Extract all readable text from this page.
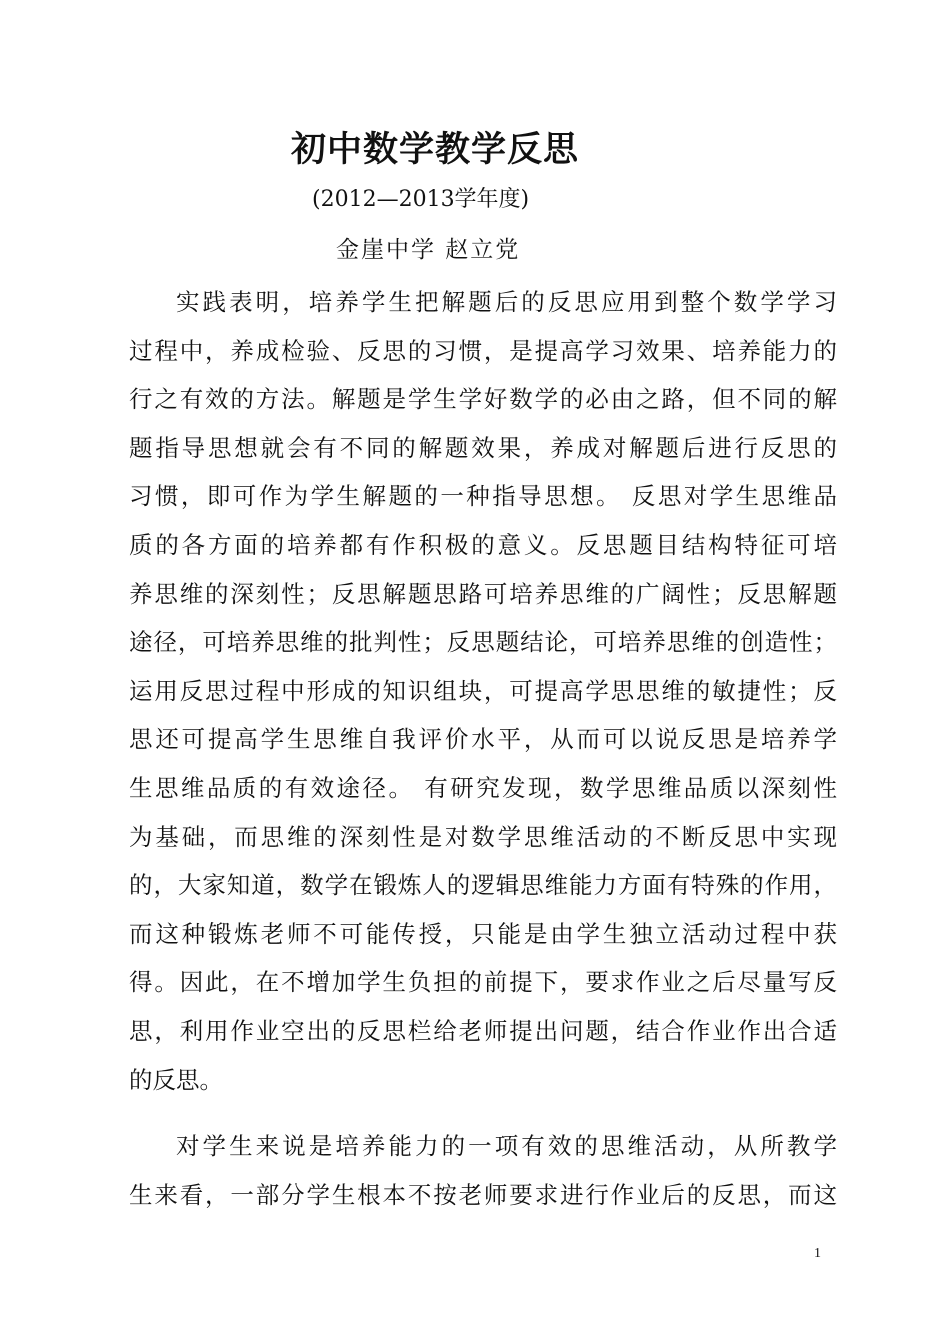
初中数学教学反思
(2012—2013学年度)
金崖中学 赵立党
实践表明，培养学生把解题后的反思应用到整个数学学习
过程中，养成检验、反思的习惯，是提高学习效果、培养能力的
行之有效的方法。解题是学生学好数学的必由之路，但不同的解
题指导思想就会有不同的解题效果，养成对解题后进行反思的
习惯，即可作为学生解题的一种指导思想。 反思对学生思维品
质的各方面的培养都有作积极的意义。反思题目结构特征可培
养思维的深刻性；反思解题思路可培养思维的广阔性；反思解题
途径，可培养思维的批判性；反思题结论，可培养思维的创造性；
运用反思过程中形成的知识组块，可提高学思思维的敏捷性；反
思还可提高学生思维自我评价水平，从而可以说反思是培养学
生思维品质的有效途径。 有研究发现，数学思维品质以深刻性
为基础，而思维的深刻性是对数学思维活动的不断反思中实现
的，大家知道，数学在锻炼人的逻辑思维能力方面有特殊的作用，
而这种锻炼老师不可能传授，只能是由学生独立活动过程中获
得。因此，在不增加学生负担的前提下，要求作业之后尽量写反
思，利用作业空出的反思栏给老师提出问题，结合作业作出合适
的反思。
对学生来说是培养能力的一项有效的思维活动，从所教学
生来看，一部分学生根本不按老师要求进行作业后的反思，而这
1
